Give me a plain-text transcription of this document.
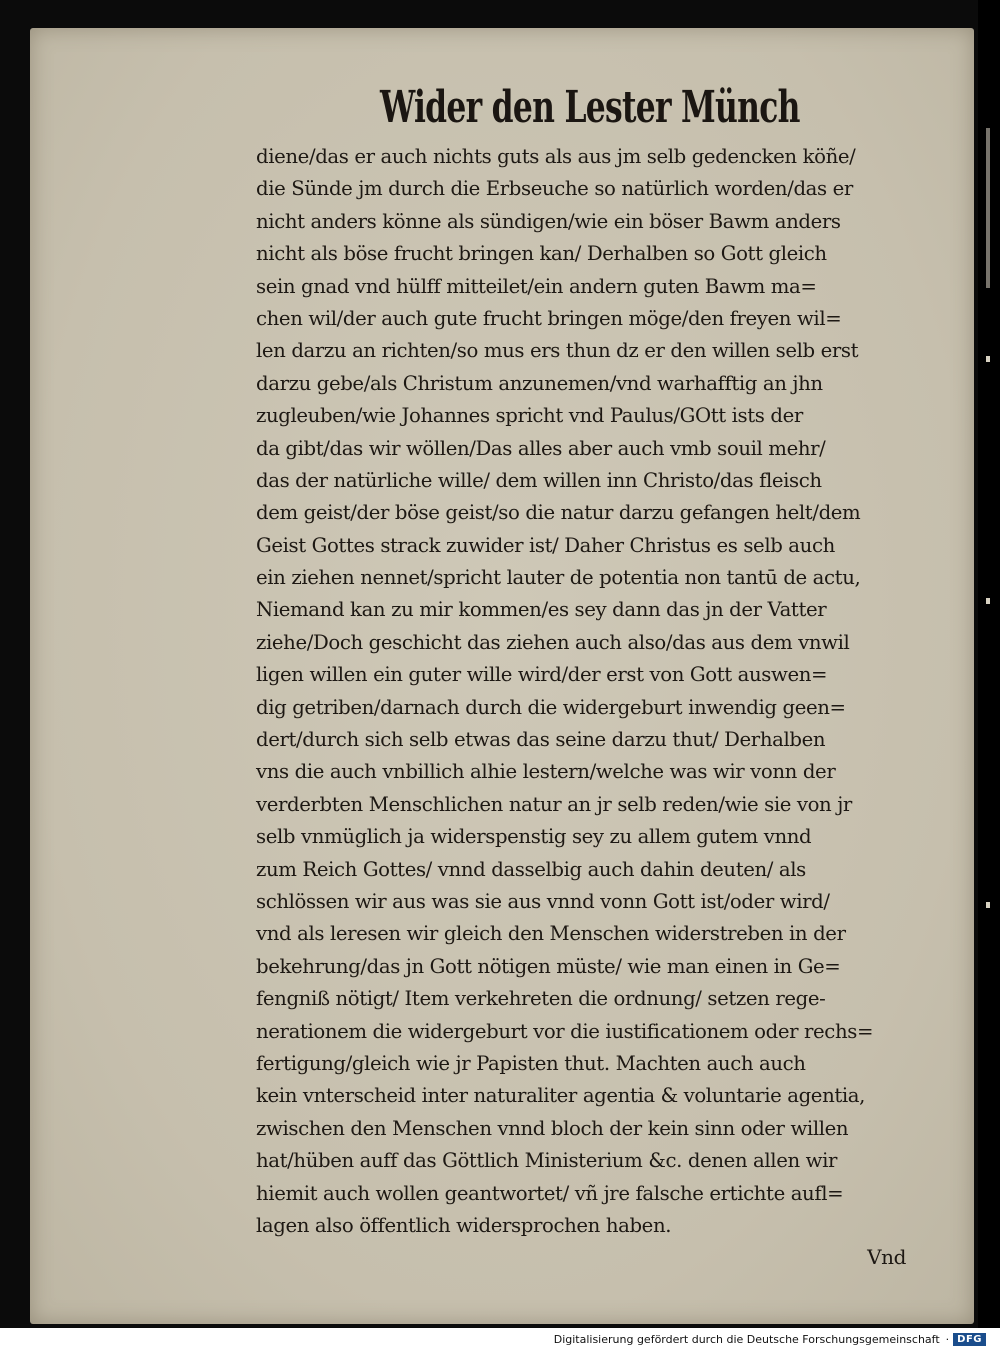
Wider den Lester Münch
diene/das er auch nichts guts als aus jm selb gedencken köñe/
die Sünde jm durch die Erbseuche so natürlich worden/das er
nicht anders könne als sündigen/wie ein böser Bawm anders
nicht als böse frucht bringen kan/ Derhalben so Gott gleich
sein gnad vnd hülff mitteilet/ein andern guten Bawm ma=
chen wil/der auch gute frucht bringen möge/den freyen wil=
len darzu an richten/so mus ers thun dz er den willen selb erst
darzu gebe/als Christum anzunemen/vnd warhafftig an jhn
zugleuben/wie Johannes spricht vnd Paulus/GOtt ists der
da gibt/das wir wöllen/Das alles aber auch vmb souil mehr/
das der natürliche wille/ dem willen inn Christo/das fleisch
dem geist/der böse geist/so die natur darzu gefangen helt/dem
Geist Gottes strack zuwider ist/ Daher Christus es selb auch
ein ziehen nennet/spricht lauter de potentia non tantū de actu,
Niemand kan zu mir kommen/es sey dann das jn der Vatter
ziehe/Doch geschicht das ziehen auch also/das aus dem vnwil
ligen willen ein guter wille wird/der erst von Gott auswen=
dig getriben/darnach durch die widergeburt inwendig geen=
dert/durch sich selb etwas das seine darzu thut/ Derhalben
vns die auch vnbillich alhie lestern/welche was wir vonn der
verderbten Menschlichen natur an jr selb reden/wie sie von jr
selb vnmüglich ja widerspenstig sey zu allem gutem vnnd
zum Reich Gottes/ vnnd dasselbig auch dahin deuten/ als
schlössen wir aus was sie aus vnnd vonn Gott ist/oder wird/
vnd als leresen wir gleich den Menschen widerstreben in der
bekehrung/das jn Gott nötigen müste/ wie man einen in Ge=
fengniß nötigt/ Item verkehreten die ordnung/ setzen rege-
nerationem die widergeburt vor die iustificationem oder rechs=
fertigung/gleich wie jr Papisten thut. Machten auch auch
kein vnterscheid inter naturaliter agentia & voluntarie agentia,
zwischen den Menschen vnnd bloch der kein sinn oder willen
hat/hüben auff das Göttlich Ministerium &c. denen allen wir
hiemit auch wollen geantwortet/ vñ jre falsche ertichte aufl=
lagen also öffentlich widersprochen haben.
Vnd
Digitalisierung gefördert durch die Deutsche Forschungsgemeinschaft · DFG
